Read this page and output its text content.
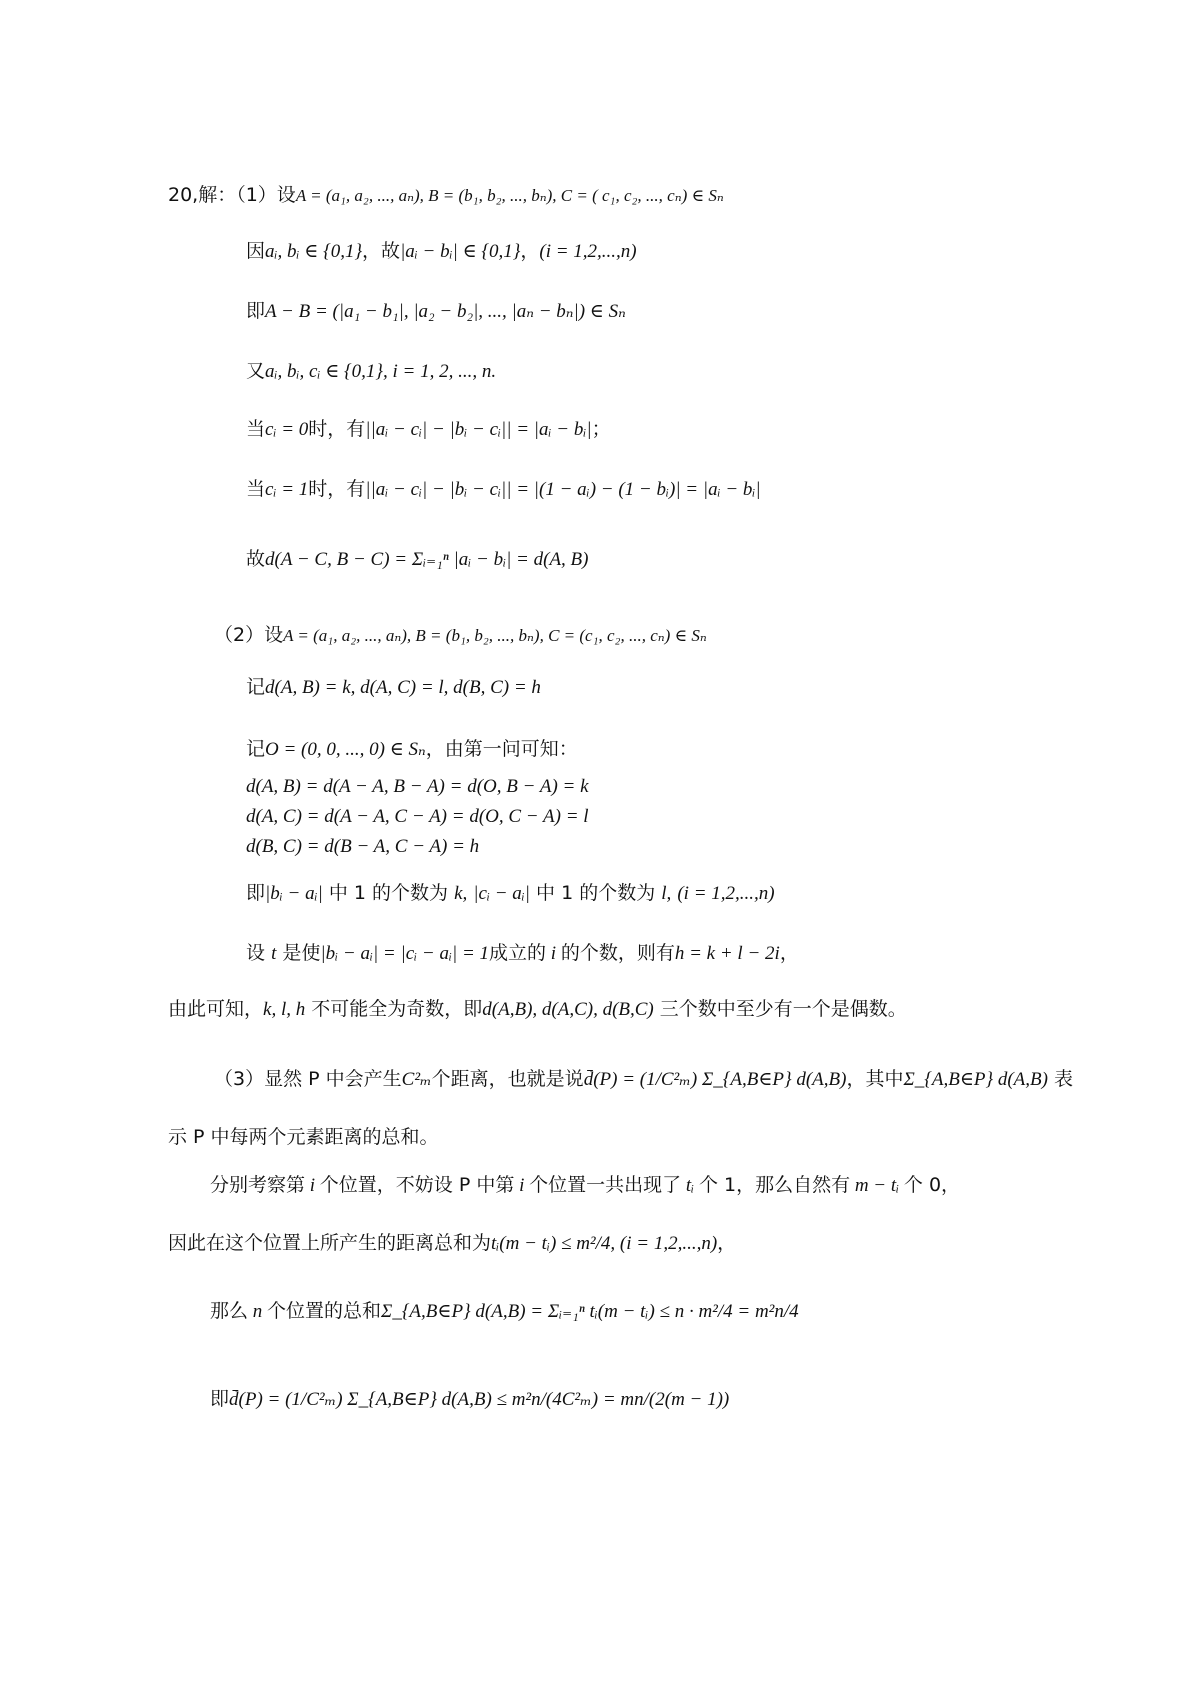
20,解：（1）设A = (a₁, a₂, ..., aₙ), B = (b₁, b₂, ..., bₙ), C = ( c₁, c₂, ..., cₙ) ∈ Sₙ
因aᵢ, bᵢ ∈ {0,1}，故|aᵢ − bᵢ| ∈ {0,1}，(i = 1,2,...,n)
即A − B = (|a₁ − b₁|, |a₂ − b₂|, ..., |aₙ − bₙ|) ∈ Sₙ
又aᵢ, bᵢ, cᵢ ∈ {0,1}, i = 1, 2, ..., n.
当cᵢ = 0时，有||aᵢ − cᵢ| − |bᵢ − cᵢ|| = |aᵢ − bᵢ|；
当cᵢ = 1时，有||aᵢ − cᵢ| − |bᵢ − cᵢ|| = |(1 − aᵢ) − (1 − bᵢ)| = |aᵢ − bᵢ|
故d(A − C, B − C) = Σᵢ₌₁ⁿ |aᵢ − bᵢ| = d(A, B)
（2）设A = (a₁, a₂, ..., aₙ), B = (b₁, b₂, ..., bₙ), C = (c₁, c₂, ..., cₙ) ∈ Sₙ
记d(A, B) = k, d(A, C) = l, d(B, C) = h
记O = (0, 0, ..., 0) ∈ Sₙ，由第一问可知：
d(A, B) = d(A − A, B − A) = d(O, B − A) = k
d(A, C) = d(A − A, C − A) = d(O, C − A) = l
d(B, C) = d(B − A, C − A) = h
即|bᵢ − aᵢ| 中 1 的个数为 k, |cᵢ − aᵢ| 中 1 的个数为 l, (i = 1,2,...,n)
设 t 是使|bᵢ − aᵢ| = |cᵢ − aᵢ| = 1成立的 i 的个数，则有h = k + l − 2i，
由此可知，k, l, h 不可能全为奇数，即d(A,B), d(A,C), d(B,C) 三个数中至少有一个是偶数。
（3）显然 P 中会产生C²ₘ个距离，也就是说d̄(P) = (1/C²ₘ) Σ_{A,B∈P} d(A,B)，其中Σ_{A,B∈P} d(A,B) 表
示 P 中每两个元素距离的总和。
分别考察第 i 个位置，不妨设 P 中第 i 个位置一共出现了 tᵢ 个 1，那么自然有 m − tᵢ 个 0，
因此在这个位置上所产生的距离总和为tᵢ(m − tᵢ) ≤ m²/4, (i = 1,2,...,n)，
那么 n 个位置的总和Σ_{A,B∈P} d(A,B) = Σᵢ₌₁ⁿ tᵢ(m − tᵢ) ≤ n · m²/4 = m²n/4
即d̄(P) = (1/C²ₘ) Σ_{A,B∈P} d(A,B) ≤ m²n/(4C²ₘ) = mn/(2(m − 1))
